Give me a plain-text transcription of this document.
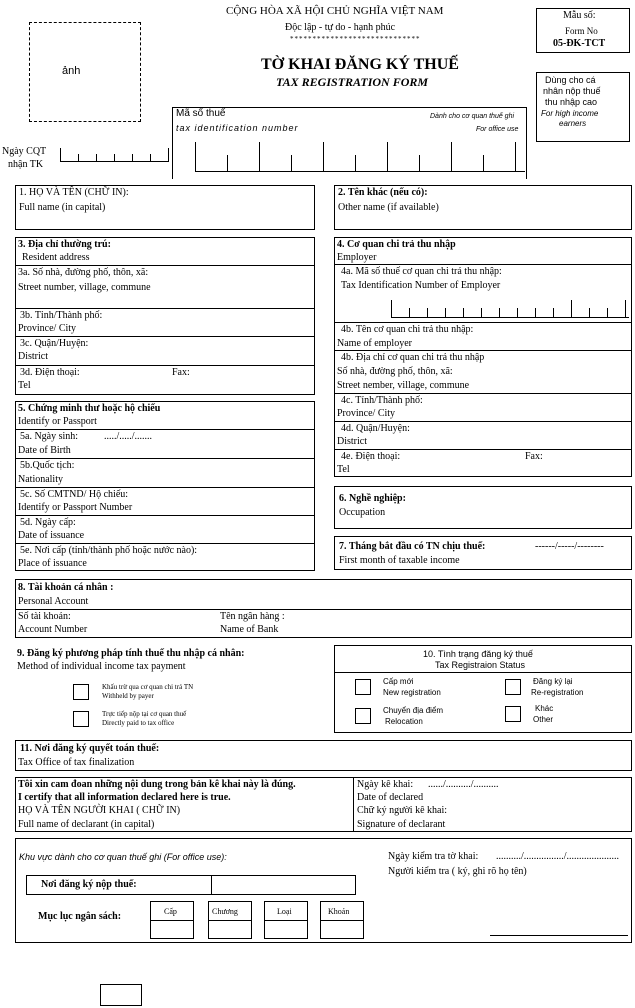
CỘNG HÒA XÃ HỘI CHỦ NGHĨA VIỆT NAM
Độc lập - tự do - hạnh phúc
*****************************
TỜ KHAI ĐĂNG KÝ THUẾ
TAX REGISTRATION FORM
Mẫu số:
Form No
05-ĐK-TCT
ảnh
Dùng cho cá
nhân nộp thuế
thu nhập cao
For high income
earners
Mã số thuế
tax identification number
Dành cho cơ quan thuế ghi
For office use
Ngày CQT
nhận TK
1. HỌ VÀ TÊN (CHỮ IN):
Full name (in capital)
2. Tên khác (nếu có):
Other name (if available)
3. Địa chỉ thường trú:
Resident address
3a. Số nhà, đường phố, thôn, xã:
Street number, village, commune
3b. Tỉnh/Thành phố:
Province/ City
3c. Quận/Huyện:
District
3d. Điện thoại:	Fax:
Tel
4. Cơ quan chi trả thu nhập
Employer
4a. Mã số thuế cơ quan chi trả thu nhập:
Tax Identification Number of Employer
4b. Tên cơ quan chi trả thu nhập:
Name of employer
4b. Địa chỉ cơ quan chi trả thu nhập
Số nhà, đường phố, thôn, xã:
Street nember, village, commune
4c. Tỉnh/Thành phố:
Province/ City
4d. Quận/Huyện:
District
4e. Điện thoại:	Fax:
Tel
5. Chứng minh thư hoặc hộ chiếu
Identify or Passport
5a. Ngày sinh:	...../...../.......
Date of Birth
5b.Quốc tịch:
Nationality
5c. Số CMTND/ Hộ chiếu:
Identify or Passport Number
5d. Ngày cấp:
Date of issuance
5e. Nơi cấp (tỉnh/thành phố hoặc nước nào):
Place of issuance
6. Nghề nghiệp:
Occupation
7. Tháng bắt đầu có TN chịu thuế:	------/-----/--------
First month of taxable income
8. Tài khoản cá nhân :
Personal Account
Số tài khoản:
Account Number
Tên ngân hàng :
Name of Bank
9. Đăng ký phương pháp tính thuế thu nhập cá nhân:
Method of individual income tax payment
Khấu trừ qua cơ quan chi trả TN
Withheld by payer
Trực tiếp nộp tại cơ quan thuế
Directly paid to tax office
10. Tình trạng đăng ký thuế
Tax Registraion Status
Cấp mới
New registration
Đăng ký lại
Re-registration
Chuyển địa điểm
Relocation
Khác
Other
11. Nơi đăng ký quyết toán thuế:
Tax Office of tax finalization
Tôi xin cam đoan những nội dung trong bản kê khai này là đúng.
I certify that all information declared here is true.
HỌ VÀ TÊN NGƯỜI KHAI ( CHỮ IN)
Full name of declarant (in capital)
Ngày kê khai: ....../........../..........
Date of declared
Chữ ký người kê khai:
Signature of declarant
Khu vực dành cho cơ quan thuế ghi (For office use):	Ngày kiểm tra tờ khai: ........../................/.....................
Người kiểm tra ( ký, ghi rõ họ tên)
Nơi đăng ký nộp thuế:
Mục lục ngân sách:	Cấp	Chương	Loại	Khoản
